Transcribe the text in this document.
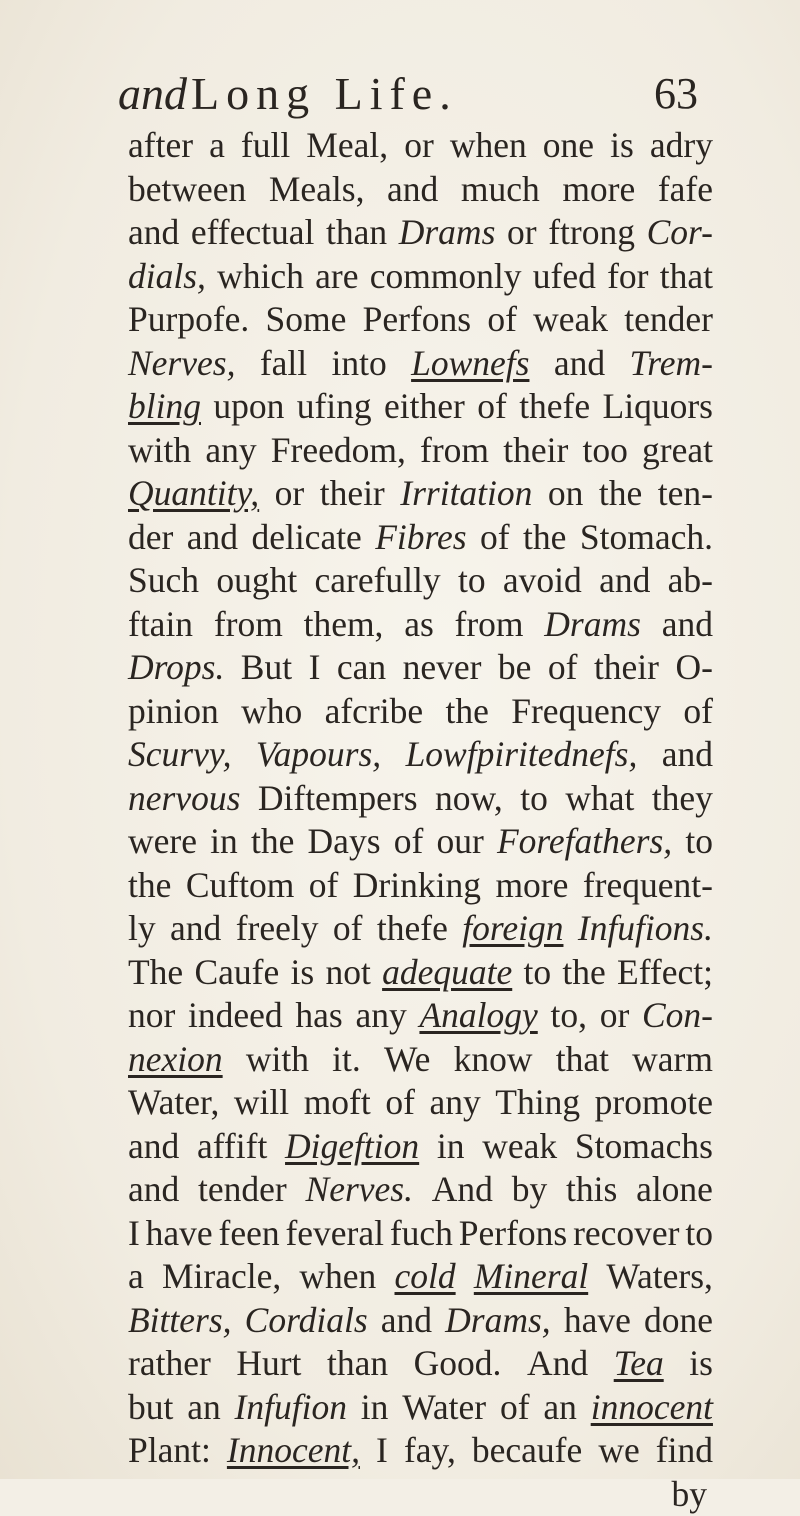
andLong Life.	63
after a full Meal, or when one is adry
between Meals, and much more fafe
and effectual than Drams or ftrong Cor-
dials, which are commonly ufed for that
Purpofe. Some Perfons of weak tender
Nerves, fall into Lownefs and Trem-
bling upon ufing either of thefe Liquors
with any Freedom, from their too great
Quantity, or their Irritation on the ten-
der and delicate Fibres of the Stomach.
Such ought carefully to avoid and ab-
ftain from them, as from Drams and
Drops. But I can never be of their O-
pinion who afcribe the Frequency of
Scurvy, Vapours, Lowfpiritednefs, and
nervous Diftempers now, to what they
were in the Days of our Forefathers, to
the Cuftom of Drinking more frequent-
ly and freely of thefe foreign Infufions.
The Caufe is not adequate to the Effect;
nor indeed has any Analogy to, or Con-
nexion with it. We know that warm
Water, will moft of any Thing promote
and affift Digeftion in weak Stomachs
and tender Nerves. And by this alone
I have feen feveral fuch Perfons recover to
a Miracle, when cold Mineral Waters,
Bitters, Cordials and Drams, have done
rather Hurt than Good. And Tea is
but an Infufion in Water of an innocent
Plant: Innocent, I fay, becaufe we find
by
